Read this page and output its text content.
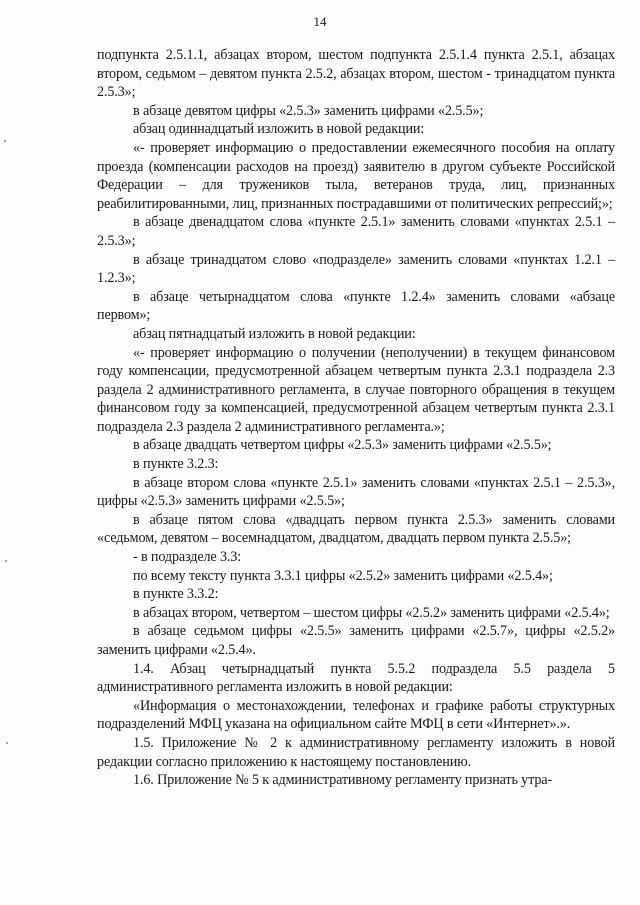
14

подпункта 2.5.1.1, абзацах втором, шестом подпункта 2.5.1.4 пункта 2.5.1, абзацах втором, седьмом – девятом пункта 2.5.2, абзацах втором, шестом - тринадцатом пункта 2.5.3»;

в абзаце девятом цифры «2.5.3» заменить цифрами «2.5.5»;

абзац одиннадцатый изложить в новой редакции:

«- проверяет информацию о предоставлении ежемесячного пособия на оплату проезда (компенсации расходов на проезд) заявителю в другом субъекте Российской Федерации – для тружеников тыла, ветеранов труда, лиц, признанных реабилитированными, лиц, признанных пострадавшими от политических репрессий;»;

в абзаце двенадцатом слова «пункте 2.5.1» заменить словами «пунктах 2.5.1 – 2.5.3»;

в абзаце тринадцатом слово «подразделе» заменить словами «пунктах 1.2.1 – 1.2.3»;

в абзаце четырнадцатом слова «пункте 1.2.4» заменить словами «абзаце первом»;

абзац пятнадцатый изложить в новой редакции:

«- проверяет информацию о получении (неполучении) в текущем финансовом году компенсации, предусмотренной абзацем четвертым пункта 2.3.1 подраздела 2.3 раздела 2 административного регламента, в случае повторного обращения в текущем финансовом году за компенсацией, предусмотренной абзацем четвертым пункта 2.3.1 подраздела 2.3 раздела 2 административного регламента.»;

в абзаце двадцать четвертом цифры «2.5.3» заменить цифрами «2.5.5»;

в пункте 3.2.3:

в абзаце втором слова «пункте 2.5.1» заменить словами «пунктах 2.5.1 – 2.5.3», цифры «2.5.3» заменить цифрами «2.5.5»;

в абзаце пятом слова «двадцать первом пункта 2.5.3» заменить словами «седьмом, девятом – восемнадцатом, двадцатом, двадцать первом пункта 2.5.5»;

- в подразделе 3.3:

по всему тексту пункта 3.3.1 цифры «2.5.2» заменить цифрами «2.5.4»;

в пункте 3.3.2:

в абзацах втором, четвертом – шестом цифры «2.5.2» заменить цифрами «2.5.4»;

в абзаце седьмом цифры «2.5.5» заменить цифрами «2.5.7», цифры «2.5.2» заменить цифрами «2.5.4».

1.4. Абзац четырнадцатый пункта 5.5.2 подраздела 5.5 раздела 5 административного регламента изложить в новой редакции:

«Информация о местонахождении, телефонах и графике работы структурных подразделений МФЦ указана на официальном сайте МФЦ в сети «Интернет».».

1.5. Приложение № 2 к административному регламенту изложить в новой редакции согласно приложению к настоящему постановлению.

1.6. Приложение № 5 к административному регламенту признать утра-
